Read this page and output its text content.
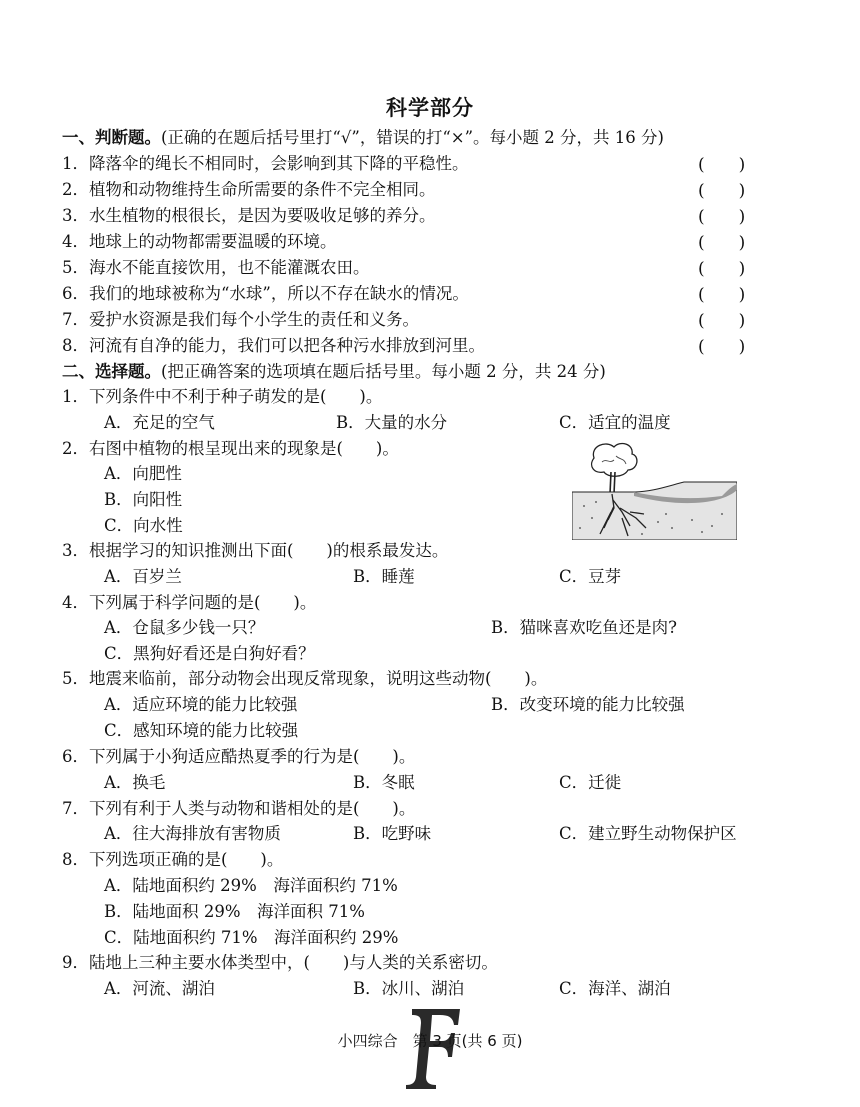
科学部分
一、判断题。(正确的在题后括号里打“√”，错误的打“×”。每小题 2 分，共 16 分)
1．降落伞的绳长不相同时，会影响到其下降的平稳性。	(　　)
2．植物和动物维持生命所需要的条件不完全相同。	(　　)
3．水生植物的根很长，是因为要吸收足够的养分。	(　　)
4．地球上的动物都需要温暖的环境。	(　　)
5．海水不能直接饮用，也不能灌溉农田。	(　　)
6．我们的地球被称为“水球”，所以不存在缺水的情况。	(　　)
7．爱护水资源是我们每个小学生的责任和义务。	(　　)
8．河流有自净的能力，我们可以把各种污水排放到河里。	(　　)
二、选择题。(把正确答案的选项填在题后括号里。每小题 2 分，共 24 分)
1．下列条件中不利于种子萌发的是(　　)。
A．充足的空气	B．大量的水分	C．适宜的温度
2．右图中植物的根呈现出来的现象是(　　)。
A．向肥性
B．向阳性
C．向水性
3．根据学习的知识推测出下面(　　)的根系最发达。
A．百岁兰	B．睡莲	C．豆芽
4．下列属于科学问题的是(　　)。
A．仓鼠多少钱一只？	B．猫咪喜欢吃鱼还是肉?
C．黑狗好看还是白狗好看？
5．地震来临前，部分动物会出现反常现象，说明这些动物(　　)。
A．适应环境的能力比较强	B．改变环境的能力比较强
C．感知环境的能力比较强
6．下列属于小狗适应酷热夏季的行为是(　　)。
A．换毛	B．冬眠	C．迁徙
7．下列有利于人类与动物和谐相处的是(　　)。
A．往大海排放有害物质	B．吃野味	C．建立野生动物保护区
8．下列选项正确的是(　　)。
A．陆地面积约 29%　海洋面积约 71%
B．陆地面积 29%　海洋面积 71%
C．陆地面积约 71%　海洋面积约 29%
9．陆地上三种主要水体类型中，(　　)与人类的关系密切。
A．河流、湖泊	B．冰川、湖泊	C．海洋、湖泊
小四综合　第 3 页(共 6 页)
